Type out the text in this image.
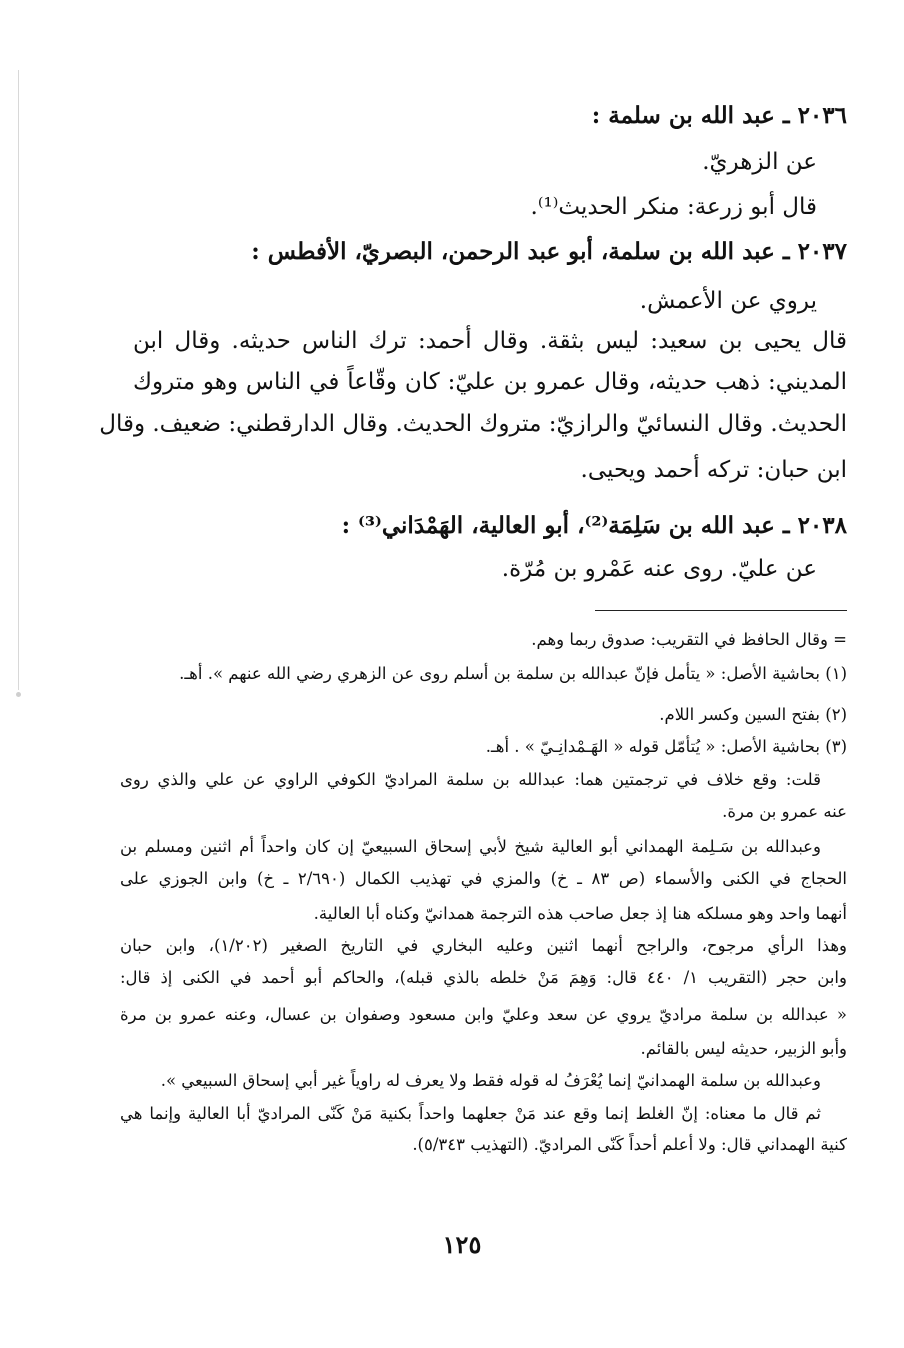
٢٠٣٦ ـ عبد الله بن سلمة :
عن الزهريّ.
قال أبو زرعة: منكر الحديث⁽¹⁾.
٢٠٣٧ ـ عبد الله بن سلمة، أبو عبد الرحمن، البصريّ، الأفطس :
يروي عن الأعمش.
قال يحيى بن سعيد: ليس بثقة. وقال أحمد: ترك الناس حديثه. وقال ابن
المديني: ذهب حديثه، وقال عمرو بن عليّ: كان وقّاعاً في الناس وهو متروك
الحديث. وقال النسائيّ والرازيّ: متروك الحديث. وقال الدارقطني: ضعيف. وقال
ابن حبان: تركه أحمد ويحيى.
٢٠٣٨ ـ عبد الله بن سَلِمَة⁽²⁾، أبو العالية، الهَمْدَاني⁽³⁾ :
عن عليّ. روى عنه عَمْرو بن مُرّة.
= وقال الحافظ في التقريب: صدوق ربما وهم.
(١) بحاشية الأصل: « يتأمل فإنّ عبدالله بن سلمة بن أسلم روى عن الزهري رضي الله عنهم ». أهـ.
(٢) بفتح السين وكسر اللام.
(٣) بحاشية الأصل: « يُتأمّل قوله « الهَـمْدانِـيّ » . أهـ.
قلت: وقع خلاف في ترجمتين هما: عبدالله بن سلمة المراديّ الكوفي الراوي عن علي والذي روى
عنه عمرو بن مرة.
وعبدالله بن سَـلِمة الهمداني أبو العالية شيخ لأبي إسحاق السبيعيّ إن كان واحداً أم اثنين ومسلم بن
الحجاج في الكنى والأسماء (ص ٨٣ ـ خ) والمزي في تهذيب الكمال (٢/٦٩٠ ـ خ) وابن الجوزي على
أنهما واحد وهو مسلكه هنا إذ جعل صاحب هذه الترجمة همدانيّ وكناه أبا العالية.
وهذا الرأي مرجوح، والراجح أنهما اثنين وعليه البخاري في التاريخ الصغير (١/٢٠٢)، وابن حبان
وابن حجر (التقريب ١/ ٤٤٠ قال: وَهِمَ مَنْ خلطه بالذي قبله)، والحاكم أبو أحمد في الكنى إذ قال:
« عبدالله بن سلمة مراديّ يروي عن سعد وعليّ وابن مسعود وصفوان بن عسال، وعنه عمرو بن مرة
وأبو الزبير، حديثه ليس بالقائم.
وعبدالله بن سلمة الهمدانيّ إنما يُعْرَفُ له قوله فقط ولا يعرف له راوياً غير أبي إسحاق السبيعي ».
ثم قال ما معناه: إنّ الغلط إنما وقع عند مَنْ جعلهما واحداً بكنية مَنْ كَنّى المراديّ أبا العالية وإنما هي
كنية الهمداني قال: ولا أعلم أحداً كَنّى المراديّ. (التهذيب ٥/٣٤٣).
١٢٥
